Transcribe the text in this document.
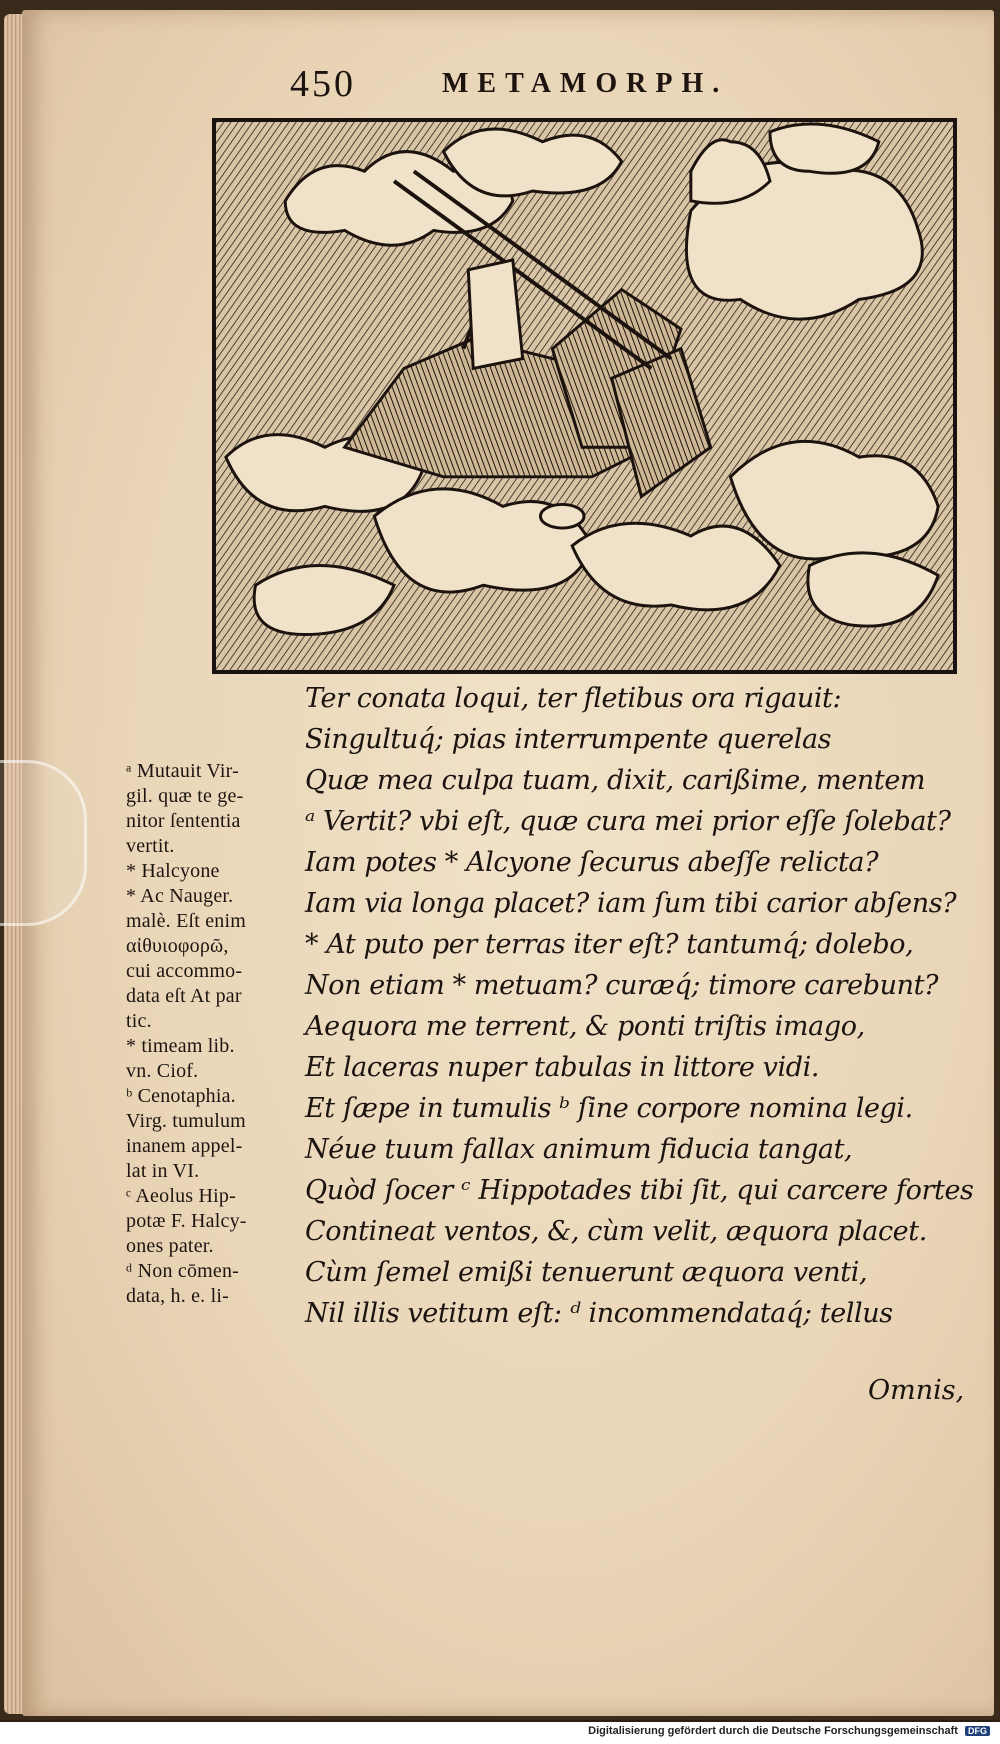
450	METAMORPH.
Ter conata loqui, ter fletibus ora rigauit:
Singultuq́; pias interrumpente querelas
Quæ mea culpa tuam, dixit, carißime, mentem
ᵃ Vertit? vbi eſt, quæ cura mei prior eſſe ſolebat?
Iam potes * Alcyone ſecurus abeſſe relicta?
Iam via longa placet? iam ſum tibi carior abſens?
* At puto per terras iter eſt? tantumq́; dolebo,
Non etiam * metuam? curæq́; timore carebunt?
Aequora me terrent, & ponti triſtis imago,
Et laceras nuper tabulas in littore vidi.
Et ſæpe in tumulis ᵇ ſine corpore nomina legi.
Néue tuum fallax animum fiducia tangat,
Quòd ſocer ᶜ Hippotades tibi ſit, qui carcere fortes
Contineat ventos, &, cùm velit, æquora placet.
Cùm ſemel emißi tenuerunt æquora venti,
Nil illis vetitum eſt: ᵈ incommendataq́; tellus
Omnis,
ᵃ Mutauit Vir-
gil. quæ te ge-
nitor ſententia
vertit.
* Halcyone
* Ac Nauger.
malè. Eſt enim
αἰθυιοφορῶ,
cui accommo-
data eſt At par
tic.
* timeam lib.
vn. Ciof.
ᵇ Cenotaphia.
Virg. tumulum
inanem appel-
lat in VI.
ᶜ Aeolus Hip-
potæ F. Halcy-
ones pater.
ᵈ Non cōmen-
data, h. e. li-
Digitalisierung gefördert durch die Deutsche Forschungsgemeinschaft DFG
